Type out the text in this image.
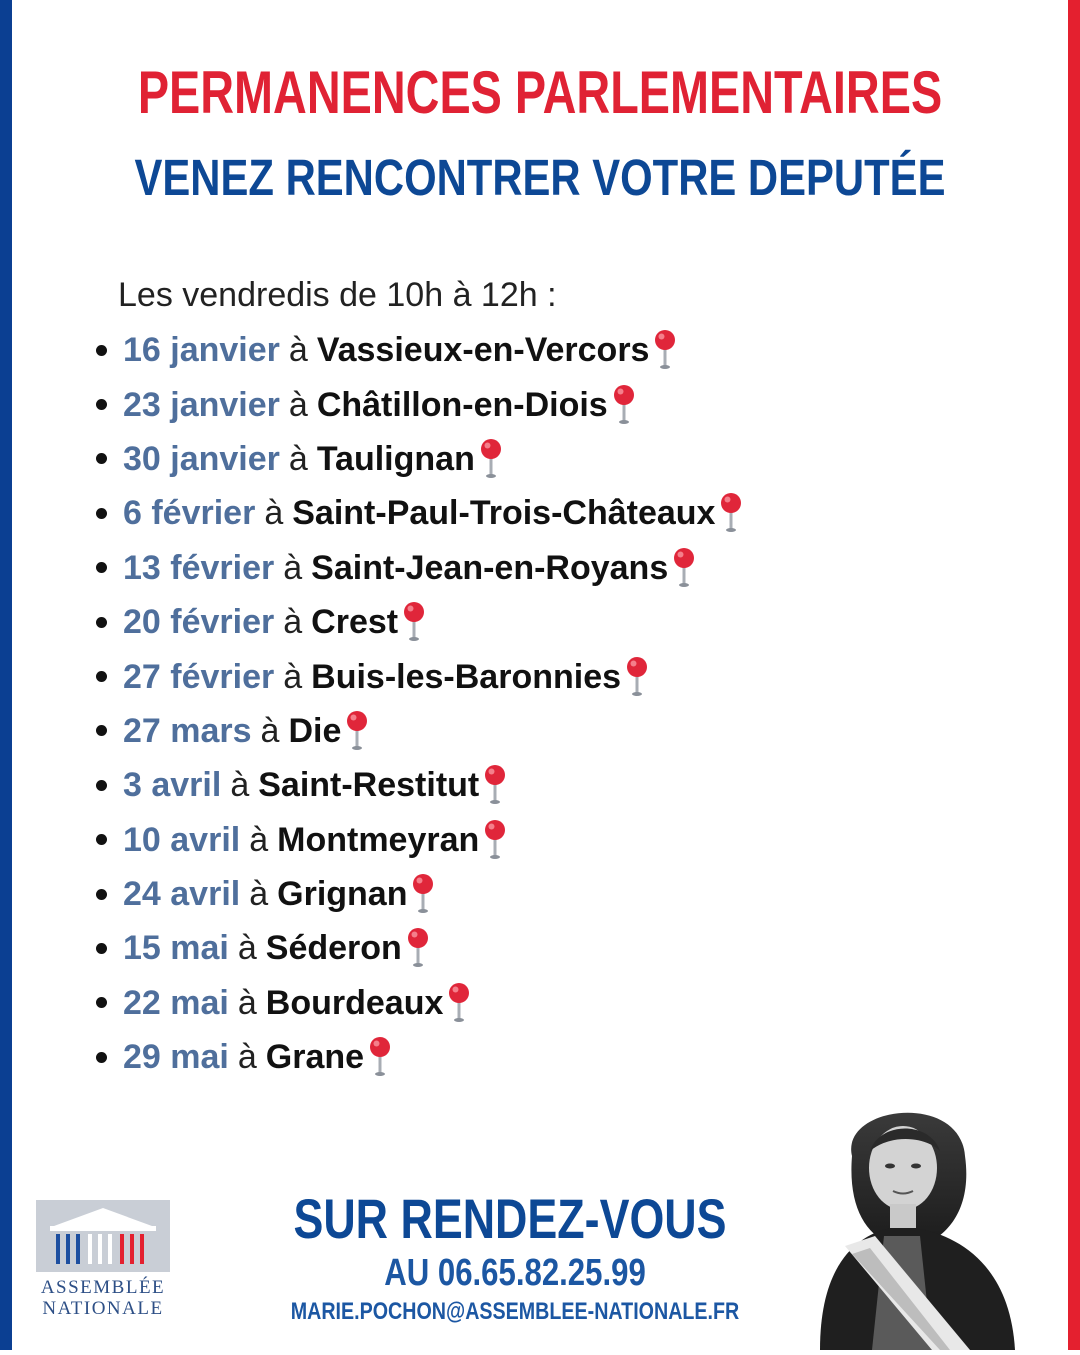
PERMANENCES PARLEMENTAIRES
VENEZ RENCONTRER VOTRE DEPUTÉE
Les vendredis de 10h à 12h :
16 janvier à Vassieux-en-Vercors
23 janvier à Châtillon-en-Diois
30 janvier à Taulignan
6 février à Saint-Paul-Trois-Châteaux
13 février à Saint-Jean-en-Royans
20 février à Crest
27 février à Buis-les-Baronnies
27 mars à Die
3 avril à Saint-Restitut
10 avril à Montmeyran
24 avril à Grignan
15 mai à Séderon
22 mai à Bourdeaux
29 mai à Grane
SUR RENDEZ-VOUS
AU 06.65.82.25.99
MARIE.POCHON@ASSEMBLEE-NATIONALE.FR
ASSEMBLÉE
NATIONALE
